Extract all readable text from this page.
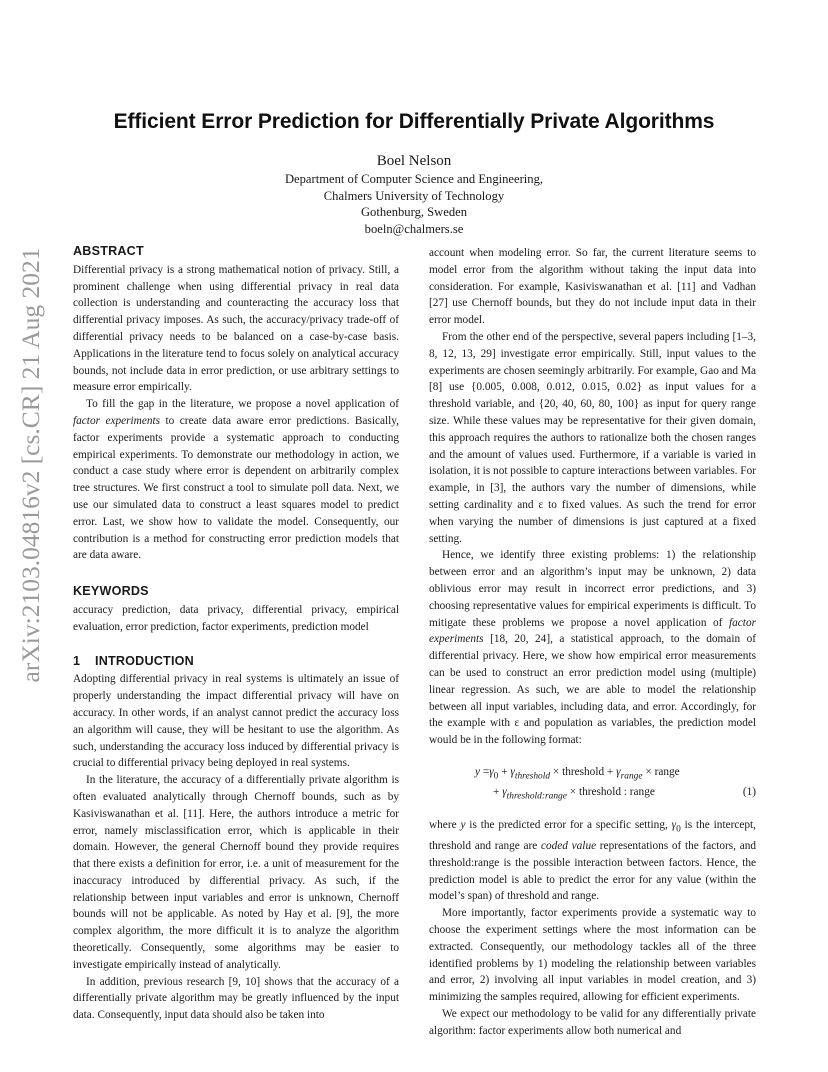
arXiv:2103.04816v2 [cs.CR] 21 Aug 2021
Efficient Error Prediction for Differentially Private Algorithms
Boel Nelson
Department of Computer Science and Engineering,
Chalmers University of Technology
Gothenburg, Sweden
boeln@chalmers.se
ABSTRACT

Differential privacy is a strong mathematical notion of privacy. Still, a prominent challenge when using differential privacy in real data collection is understanding and counteracting the accuracy loss that differential privacy imposes. As such, the accuracy/privacy trade-off of differential privacy needs to be balanced on a case-by-case basis. Applications in the literature tend to focus solely on analytical accuracy bounds, not include data in error prediction, or use arbitrary settings to measure error empirically.

To fill the gap in the literature, we propose a novel application of factor experiments to create data aware error predictions. Basically, factor experiments provide a systematic approach to conducting empirical experiments. To demonstrate our methodology in action, we conduct a case study where error is dependent on arbitrarily complex tree structures. We first construct a tool to simulate poll data. Next, we use our simulated data to construct a least squares model to predict error. Last, we show how to validate the model. Consequently, our contribution is a method for constructing error prediction models that are data aware.

KEYWORDS

accuracy prediction, data privacy, differential privacy, empirical evaluation, error prediction, factor experiments, prediction model

1 INTRODUCTION

Adopting differential privacy in real systems is ultimately an issue of properly understanding the impact differential privacy will have on accuracy. In other words, if an analyst cannot predict the accuracy loss an algorithm will cause, they will be hesitant to use the algorithm. As such, understanding the accuracy loss induced by differential privacy is crucial to differential privacy being deployed in real systems.

In the literature, the accuracy of a differentially private algorithm is often evaluated analytically through Chernoff bounds, such as by Kasiviswanathan et al. [11]. Here, the authors introduce a metric for error, namely misclassification error, which is applicable in their domain. However, the general Chernoff bound they provide requires that there exists a definition for error, i.e. a unit of measurement for the inaccuracy introduced by differential privacy. As such, if the relationship between input variables and error is unknown, Chernoff bounds will not be applicable. As noted by Hay et al. [9], the more complex algorithm, the more difficult it is to analyze the algorithm theoretically. Consequently, some algorithms may be easier to investigate empirically instead of analytically.

In addition, previous research [9, 10] shows that the accuracy of a differentially private algorithm may be greatly influenced by the input data. Consequently, input data should also be taken into

account when modeling error. So far, the current literature seems to model error from the algorithm without taking the input data into consideration. For example, Kasiviswanathan et al. [11] and Vadhan [27] use Chernoff bounds, but they do not include input data in their error model.

From the other end of the perspective, several papers including [1–3, 8, 12, 13, 29] investigate error empirically. Still, input values to the experiments are chosen seemingly arbitrarily. For example, Gao and Ma [8] use {0.005, 0.008, 0.012, 0.015, 0.02} as input values for a threshold variable, and {20, 40, 60, 80, 100} as input for query range size. While these values may be representative for their given domain, this approach requires the authors to rationalize both the chosen ranges and the amount of values used. Furthermore, if a variable is varied in isolation, it is not possible to capture interactions between variables. For example, in [3], the authors vary the number of dimensions, while setting cardinality and ε to fixed values. As such the trend for error when varying the number of dimensions is just captured at a fixed setting.

Hence, we identify three existing problems: 1) the relationship between error and an algorithm’s input may be unknown, 2) data oblivious error may result in incorrect error predictions, and 3) choosing representative values for empirical experiments is difficult. To mitigate these problems we propose a novel application of factor experiments [18, 20, 24], a statistical approach, to the domain of differential privacy. Here, we show how empirical error measurements can be used to construct an error prediction model using (multiple) linear regression. As such, we are able to model the relationship between all input variables, including data, and error. Accordingly, for the example with ε and population as variables, the prediction model would be in the following format:

$y =\gamma_0 + \gamma_{threshold}$ × threshold + $\gamma_{range}$ × range
+ $\gamma_{threshold:range}$ × threshold : range	(1)

where y is the predicted error for a specific setting, $\gamma_0$ is the intercept, threshold and range are coded value representations of the factors, and threshold:range is the possible interaction between factors. Hence, the prediction model is able to predict the error for any value (within the model’s span) of threshold and range.

More importantly, factor experiments provide a systematic way to choose the experiment settings where the most information can be extracted. Consequently, our methodology tackles all of the three identified problems by 1) modeling the relationship between variables and error, 2) involving all input variables in model creation, and 3) minimizing the samples required, allowing for efficient experiments.

We expect our methodology to be valid for any differentially private algorithm: factor experiments allow both numerical and
